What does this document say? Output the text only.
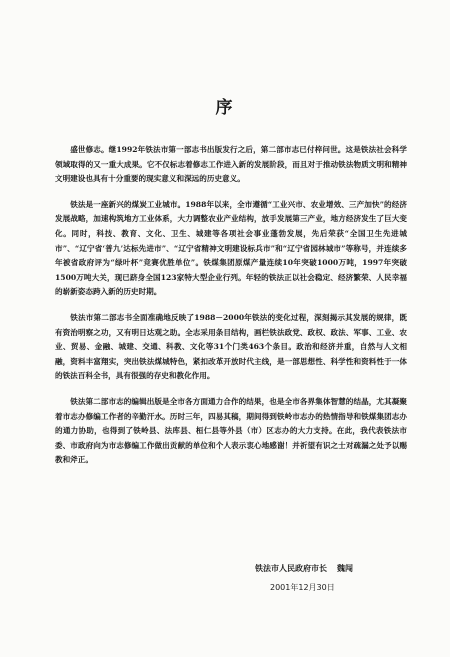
序

盛世修志。继1992年铁法市第一部志书出版发行之后，第二部市志已付梓问世。这是铁法社会科学领域取得的又一重大成果。它不仅标志着修志工作进入新的发展阶段，而且对于推动铁法物质文明和精神文明建设也具有十分重要的现实意义和深远的历史意义。

铁法是一座新兴的煤炭工业城市。1988年以来，全市遵循“工业兴市、农业增效、三产加快”的经济发展战略，加速构筑地方工业体系，大力调整农业产业结构，放手发展第三产业，地方经济发生了巨大变化。同时，科技、教育、文化、卫生、城建等各项社会事业蓬勃发展，先后荣获“全国卫生先进城市”、“辽宁省‘普九’达标先进市”、“辽宁省精神文明建设标兵市”和“辽宁省园林城市”等称号，并连续多年被省政府评为“绿叶杯”竞赛优胜单位”。铁煤集团原煤产量连续10年突破1000万吨，1997年突破1500万吨大关，现已跻身全国123家特大型企业行列。年轻的铁法正以社会稳定、经济繁荣、人民幸福的崭新姿态跨入新的历史时期。

铁法市第二部志书全面准确地反映了1988－2000年铁法的变化过程，深刻揭示其发展的规律，既有资治明察之功，又有明日达观之助。全志采用条目结构，画栏铁法政党、政权、政法、军事、工业、农业、贸易、金融、城建、交通、科教、文化等31个门类463个条目。政治和经济并重，自然与人文相融，资料丰富翔实，突出铁法煤城特色，紧扣改革开放时代主线，是一部思想性、科学性和资料性于一体的铁法百科全书，具有很强的存史和教化作用。

铁法第二部市志的编辑出版是全市各方面通力合作的结果，也是全市各界集体智慧的结晶，尤其凝聚着市志办修编工作者的辛勤汗水。历时三年，四易其稿，期间得到铁岭市志办的热情指导和铁煤集团志办的通力协助，也得到了铁岭县、法库县、桓仁县等外县（市）区志办的大力支持。在此，我代表铁法市委、市政府向为市志修编工作做出贡献的单位和个人表示衷心地感谢！并祈望有识之士对疏漏之处予以赐教和斧正。

铁法市人民政府市长 魏闯
2001年12月30日
